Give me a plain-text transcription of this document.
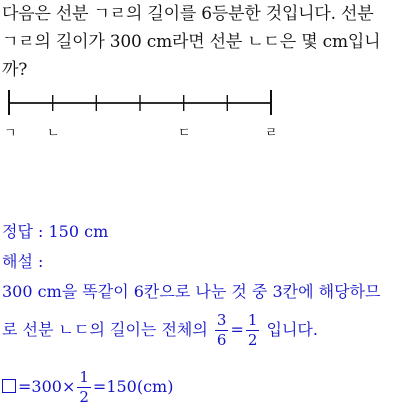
다음은 선분 ㄱㄹ의 길이를 6등분한 것입니다. 선분
ㄱㄹ의 길이가 300 cm라면 선분 ㄴㄷ은 몇 cm입니
까?
ㄱ ㄴ	ㄷ	ㄹ
정답 : 150 cm
해설 :
300 cm을 똑같이 6칸으로 나눈 것 중 3칸에 해당하므
로 선분 ㄴㄷ의 길이는 전체의 $\frac{3}{6} = \frac{1}{2}$ 입니다.
$=300\times \frac{1}{2} =150(cm)$
